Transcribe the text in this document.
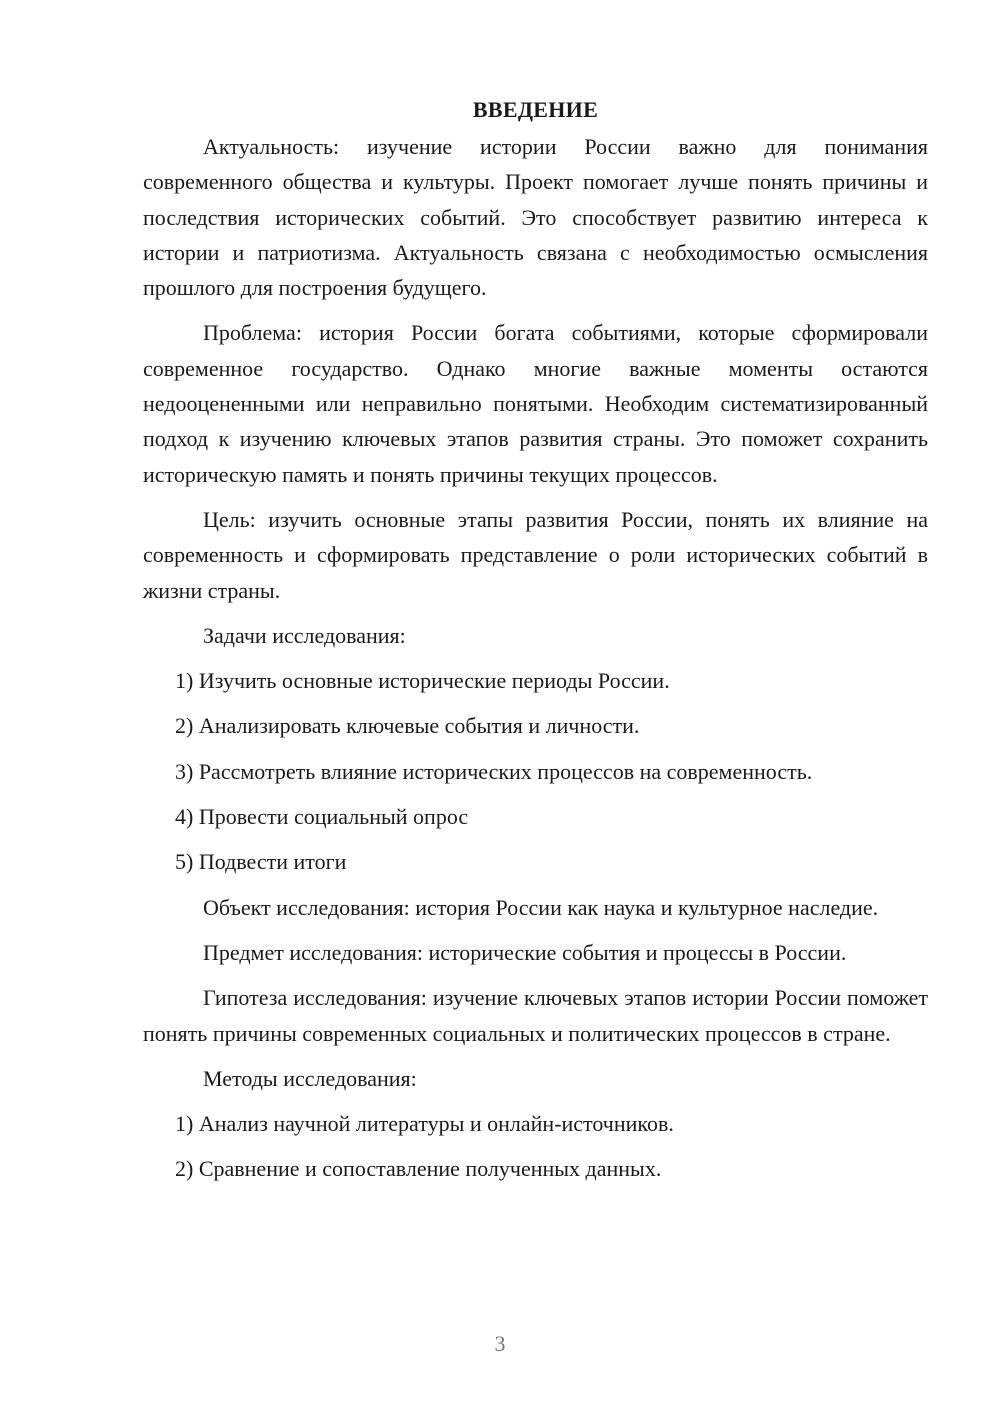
ВВЕДЕНИЕ

Актуальность: изучение истории России важно для понимания современного общества и культуры. Проект помогает лучше понять причины и последствия исторических событий. Это способствует развитию интереса к истории и патриотизма. Актуальность связана с необходимостью осмысления прошлого для построения будущего.

Проблема: история России богата событиями, которые сформировали современное государство. Однако многие важные моменты остаются недооцененными или неправильно понятыми. Необходим систематизированный подход к изучению ключевых этапов развития страны. Это поможет сохранить историческую память и понять причины текущих процессов.

Цель: изучить основные этапы развития России, понять их влияние на современность и сформировать представление о роли исторических событий в жизни страны.

Задачи исследования:
1) Изучить основные исторические периоды России.
2) Анализировать ключевые события и личности.
3) Рассмотреть влияние исторических процессов на современность.
4) Провести социальный опрос
5) Подвести итоги

Объект исследования: история России как наука и культурное наследие.

Предмет исследования: исторические события и процессы в России.

Гипотеза исследования: изучение ключевых этапов истории России поможет понять причины современных социальных и политических процессов в стране.

Методы исследования:
1) Анализ научной литературы и онлайн-источников.
2) Сравнение и сопоставление полученных данных.
3
